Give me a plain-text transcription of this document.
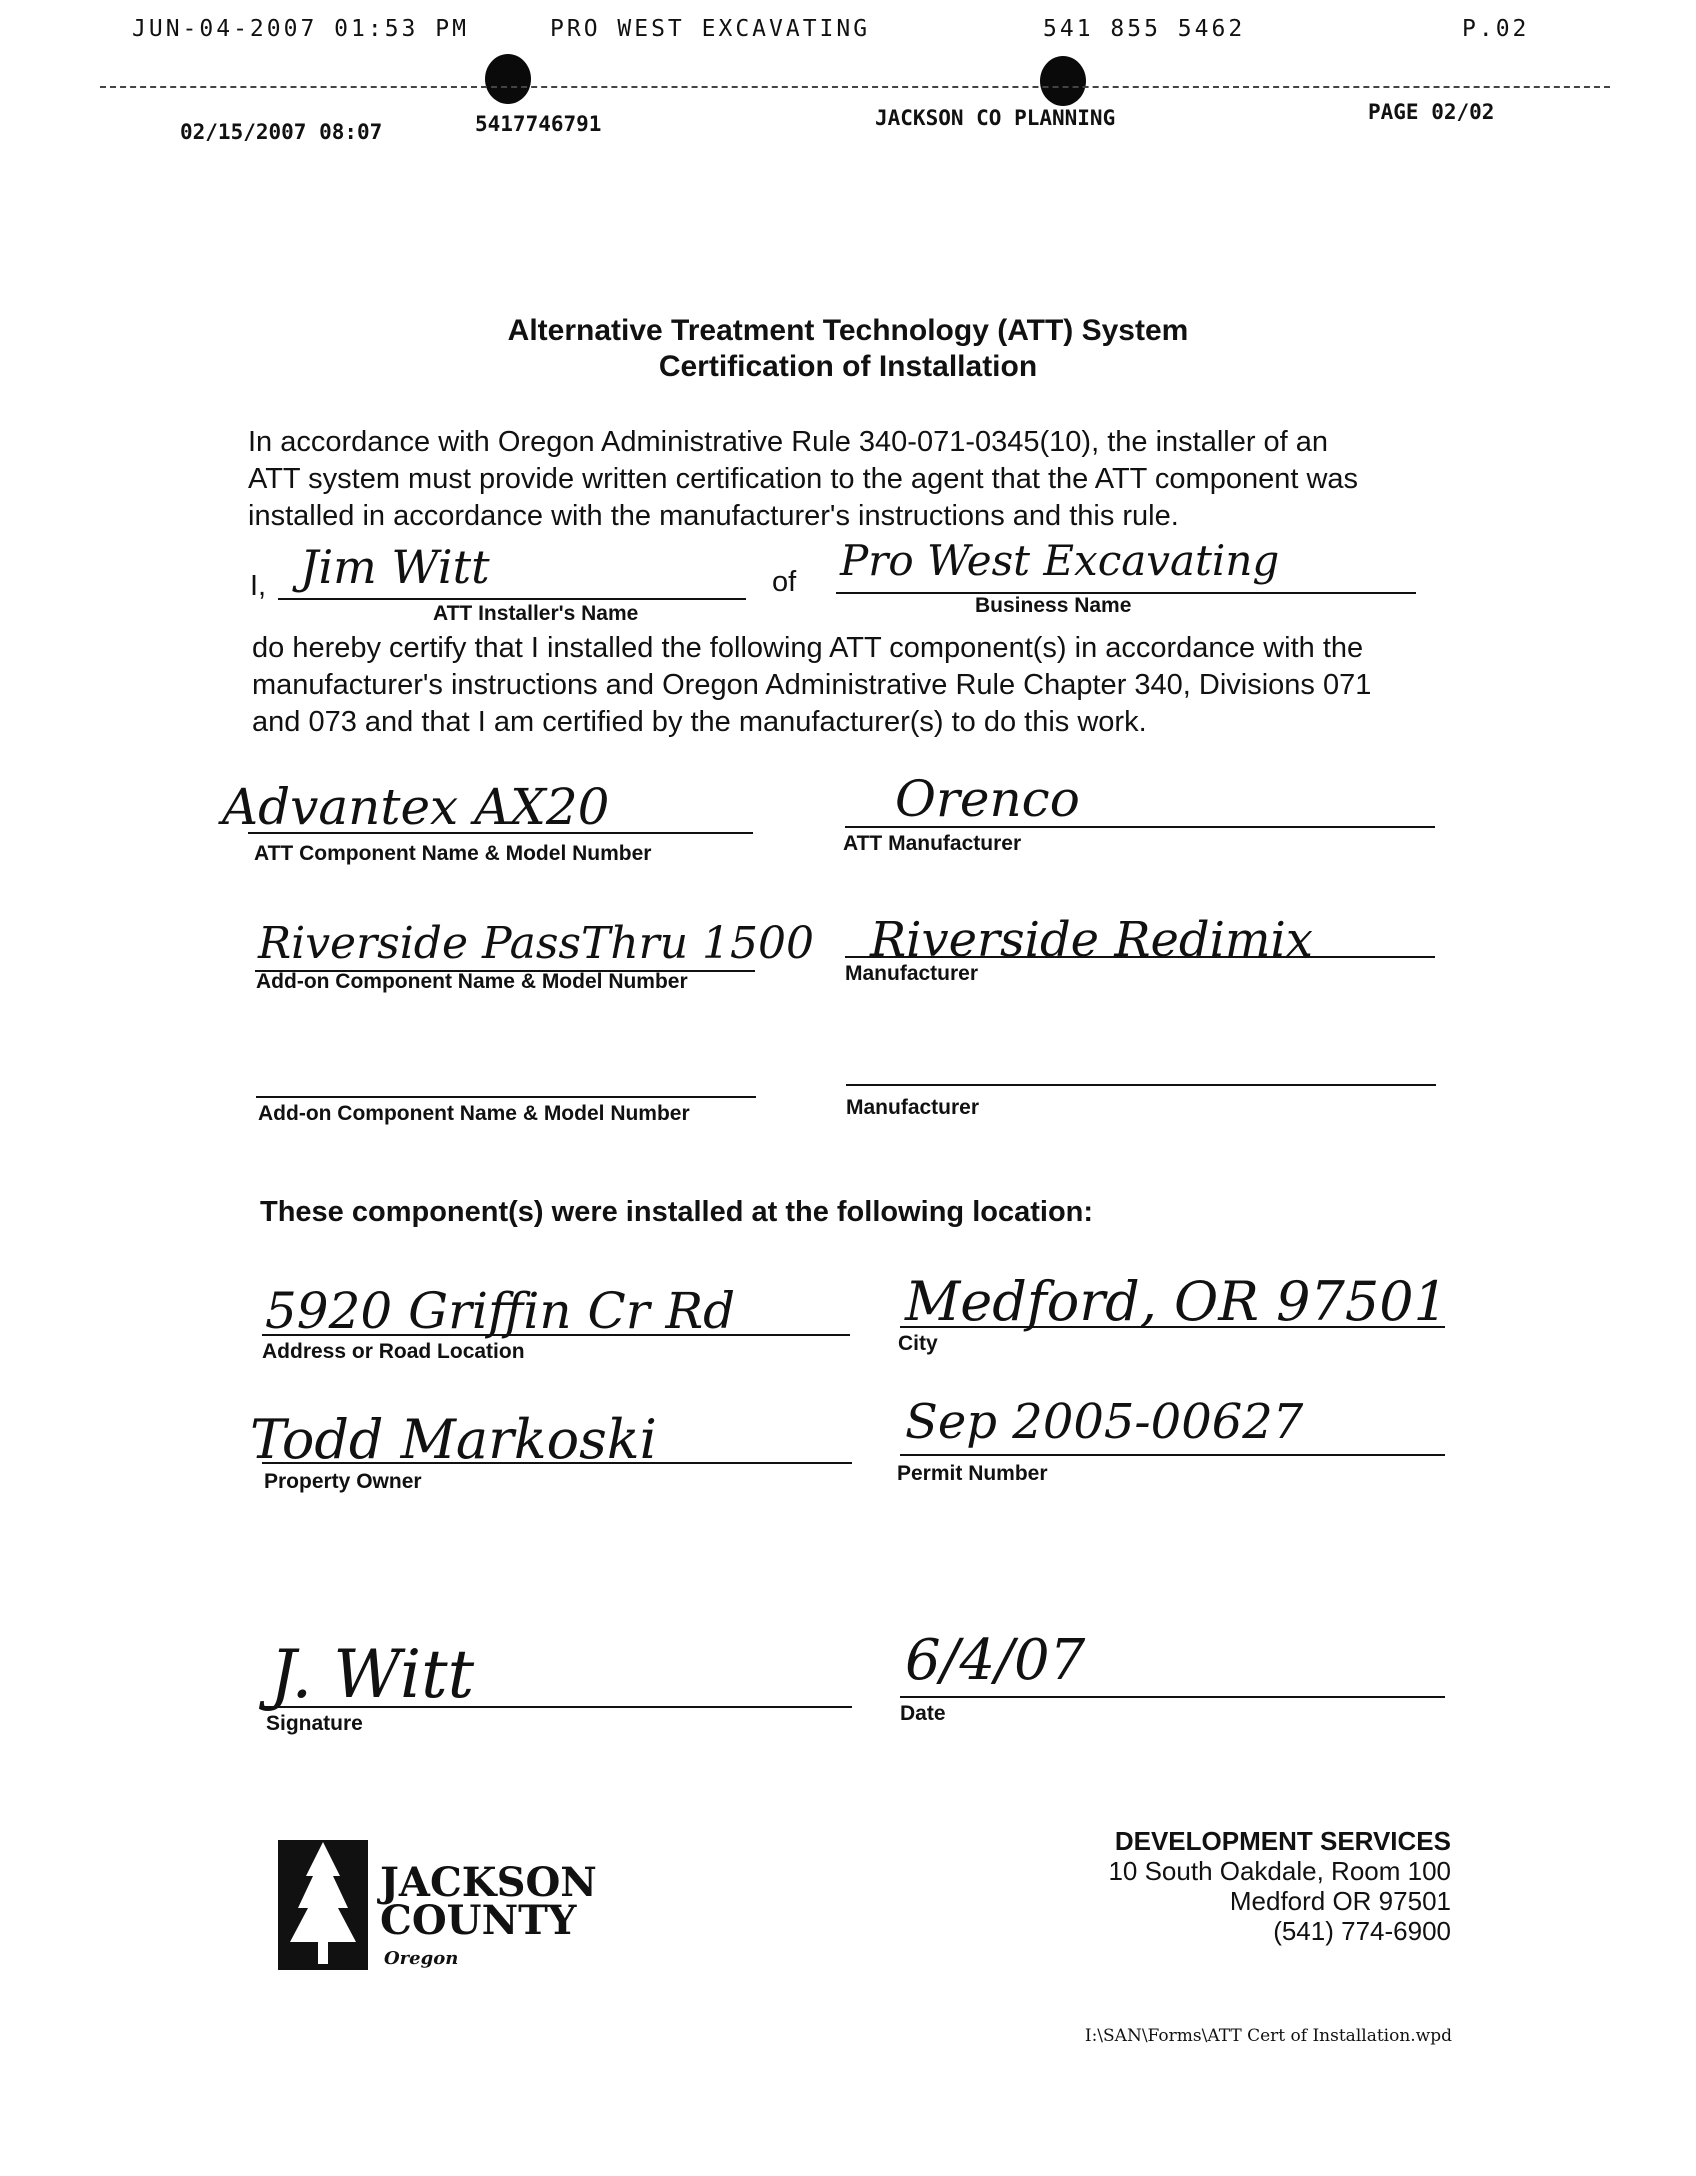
JUN-04-2007 01:53 PM	PRO WEST EXCAVATING	541 855 5462	P.02
02/15/2007 08:07	5417746791	JACKSON CO PLANNING	PAGE 02/02
Alternative Treatment Technology (ATT) System
Certification of Installation
In accordance with Oregon Administrative Rule 340-071-0345(10), the installer of an
ATT system must provide written certification to the agent that the ATT component was
installed in accordance with the manufacturer's instructions and this rule.
I, Jim Witt
ATT Installer's Name
of Pro West Excavating
Business Name
do hereby certify that I installed the following ATT component(s) in accordance with the
manufacturer's instructions and Oregon Administrative Rule Chapter 340, Divisions 071
and 073 and that I am certified by the manufacturer(s) to do this work.
Advantex AX20
ATT Component Name & Model Number
Orenco
ATT Manufacturer
Riverside PassThru 1500
Add-on Component Name & Model Number
Riverside Redimix
Manufacturer
Add-on Component Name & Model Number	Manufacturer
These component(s) were installed at the following location:
5920 Griffin Cr Rd
Address or Road Location
Medford, OR 97501
City
Todd Markoski
Property Owner
Sep 2005-00627
Permit Number
J. Witt
Signature
6/4/07
Date
JACKSON
COUNTY
Oregon
DEVELOPMENT SERVICES
10 South Oakdale, Room 100
Medford OR 97501
(541) 774-6900
I:\SAN\Forms\ATT Cert of Installation.wpd
